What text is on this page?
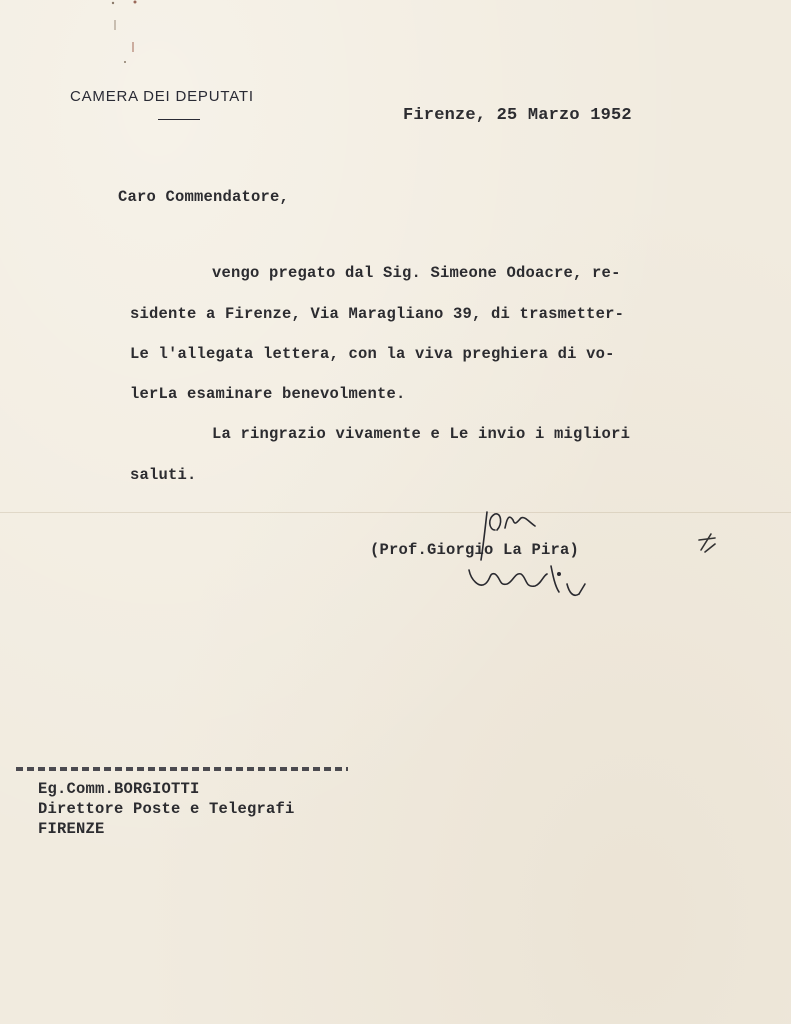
CAMERA DEI DEPUTATI
Firenze, 25 Marzo 1952
Caro Commendatore,
vengo pregato dal Sig. Simeone Odoacre, re-
sidente a Firenze, Via Maragliano 39, di trasmetter-
Le l'allegata lettera, con la viva preghiera di vo-
lerLa esaminare benevolmente.
La ringrazio vivamente e Le invio i migliori
saluti.
(Prof.Giorgio La Pira)
Eg.Comm.BORGIOTTI
Direttore Poste e Telegrafi
FIRENZE
